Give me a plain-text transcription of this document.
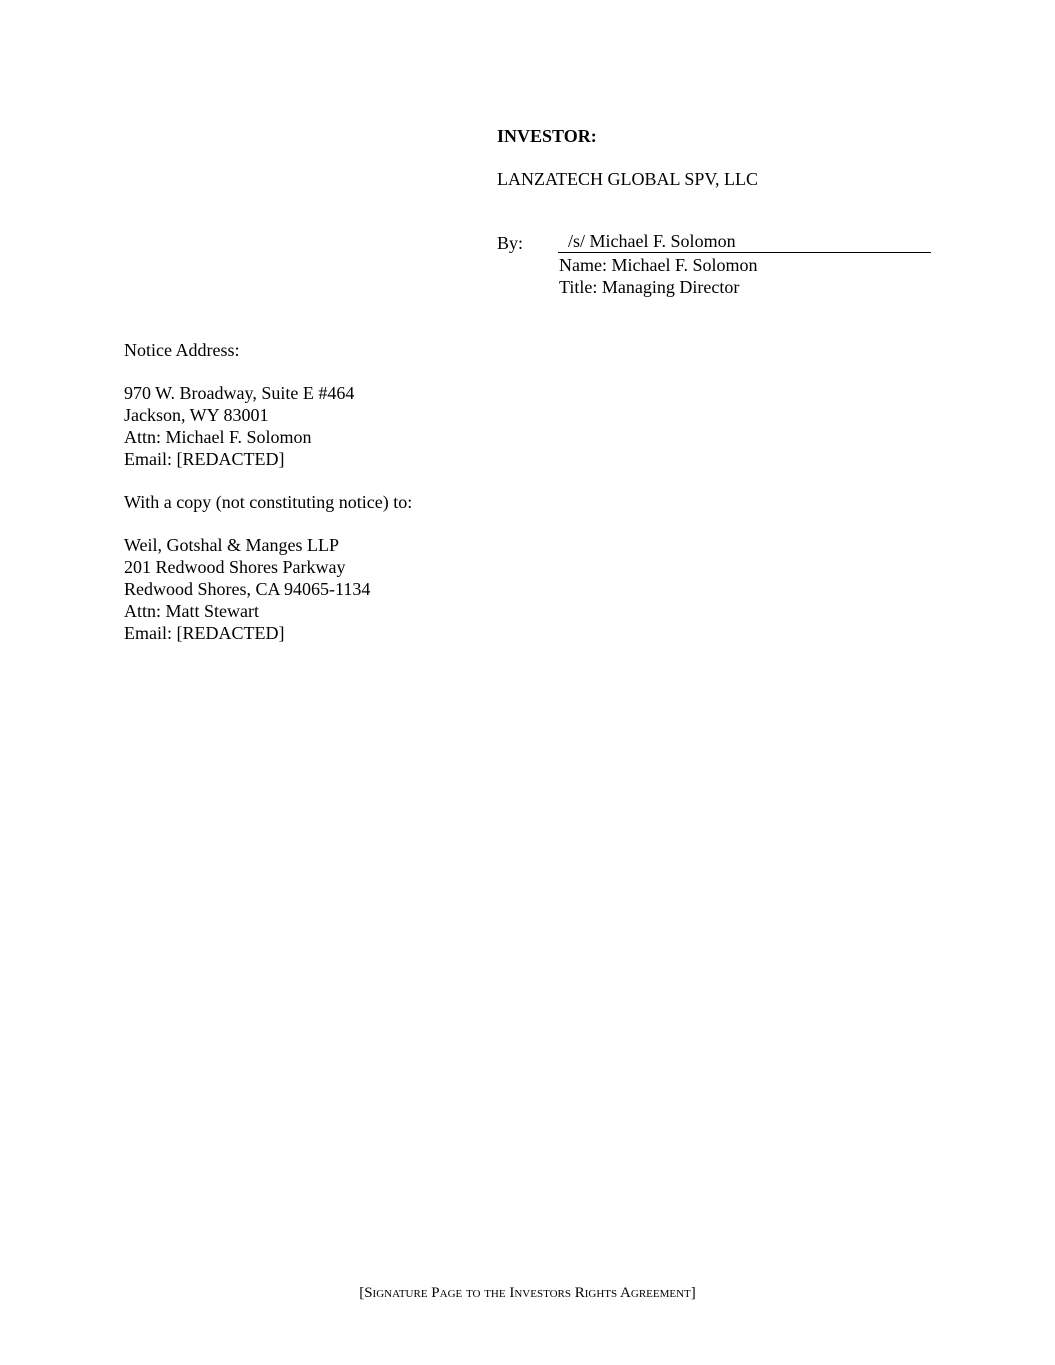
INVESTOR:
LANZATECH GLOBAL SPV, LLC
By: /s/ Michael F. Solomon
Name: Michael F. Solomon
Title: Managing Director
Notice Address:
970 W. Broadway, Suite E #464
Jackson, WY 83001
Attn: Michael F. Solomon
Email: [REDACTED]
With a copy (not constituting notice) to:
Weil, Gotshal & Manges LLP
201 Redwood Shores Parkway
Redwood Shores, CA 94065-1134
Attn: Matt Stewart
Email: [REDACTED]
[Signature Page to the Investors Rights Agreement]
